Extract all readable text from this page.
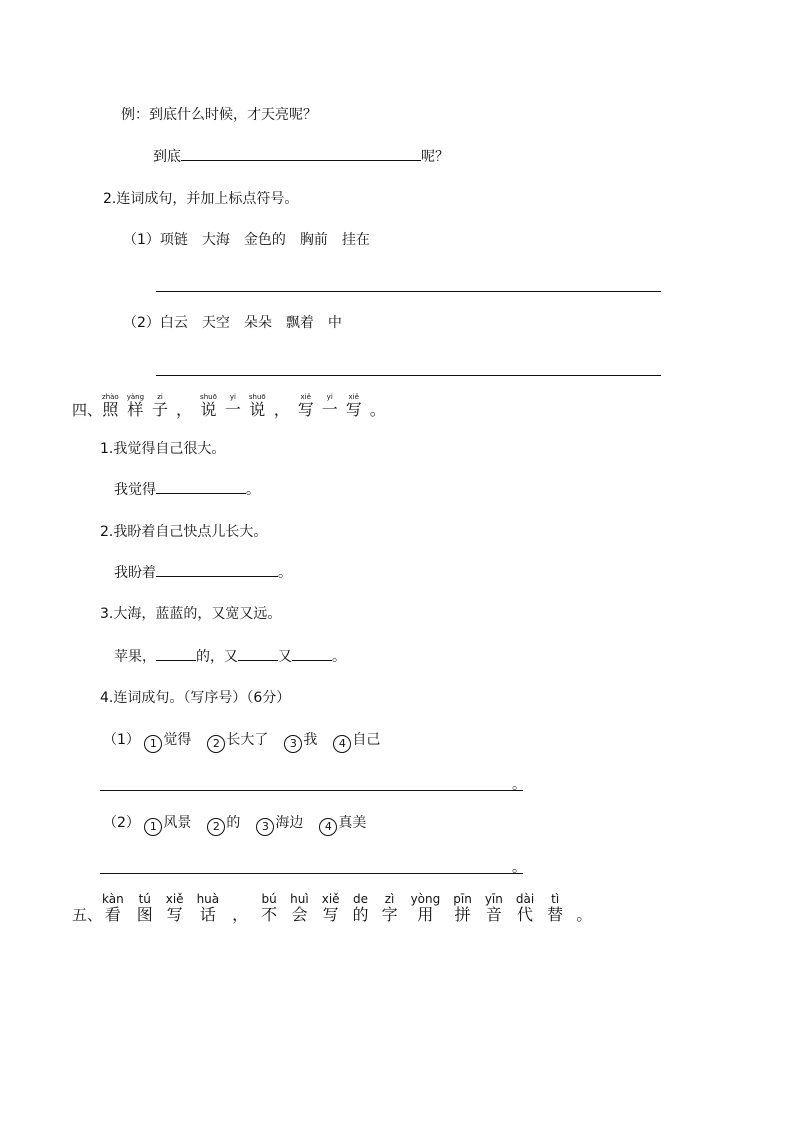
例：到底什么时候，才天亮呢？
到底	呢？
2.连词成句，并加上标点符号。
（1）项链　大海　金色的　胸前　挂在
（2）白云　天空　朵朵　飘着　中
四、
zhào
照
yàng
样
zi
子 ，
shuō
说
yi
一
shuō
说 ，
xiě
写
yi
一
xiě
写 。
1.我觉得自己很大。
我觉得	。
2.我盼着自己快点儿长大。
我盼着	。
3.大海，蓝蓝的，又宽又远。
苹果，	的，又	又	。
4.连词成句。（写序号）（6分）
（1） 1 觉得 2 长大了 3 我 4 自己
。
（2） 1 风景 2 的 3 海边 4 真美
。
五、
kàn
看
tú
图
xiě
写
huà
话 ，
bú
不
huì
会
xiě
写
de
的
zì
字
yòng
用
pīn
拼
yīn
音
dài
代
tì
替 。
